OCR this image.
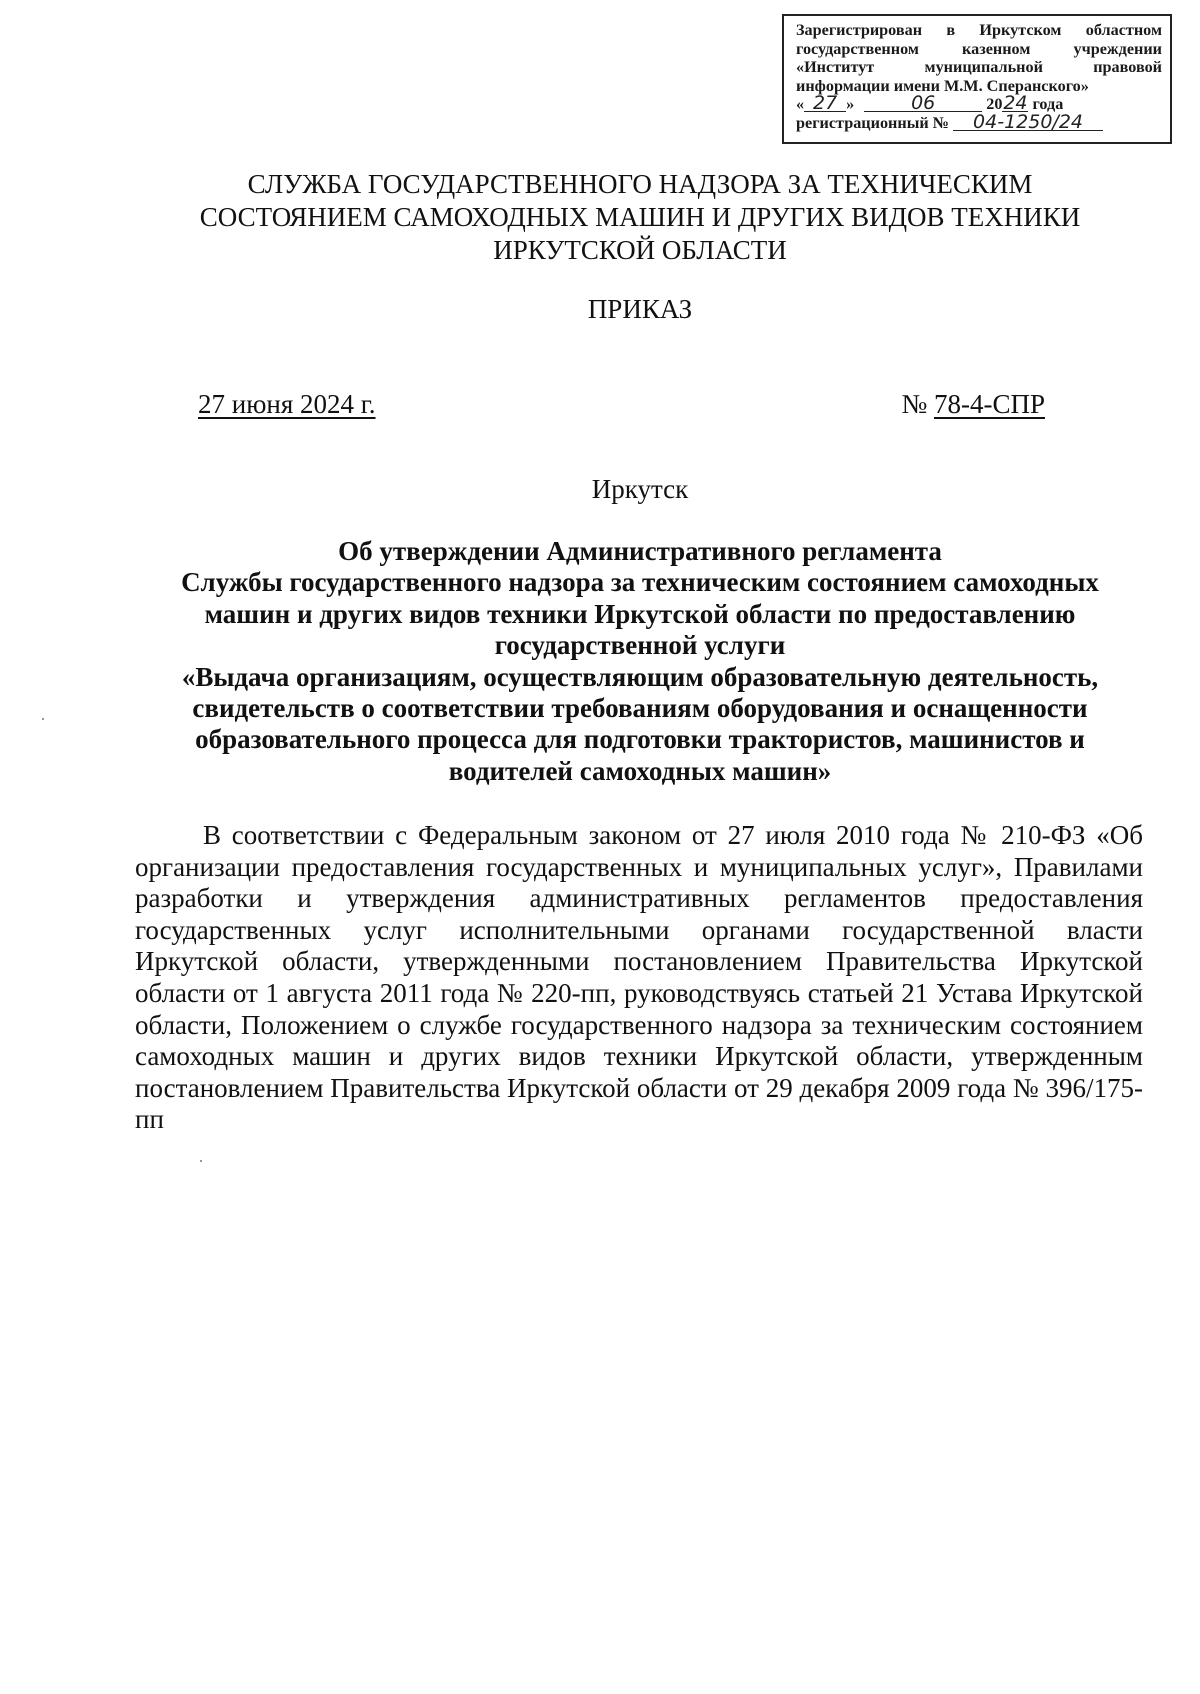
Зарегистрирован в Иркутском областном
государственном казенном учреждении
«Институт муниципальной правовой
информации имени М.М. Сперанского»
« 27 »	06	2024 года
регистрационный № 04-1250/24
СЛУЖБА ГОСУДАРСТВЕННОГО НАДЗОРА ЗА ТЕХНИЧЕСКИМ
СОСТОЯНИЕМ САМОХОДНЫХ МАШИН И ДРУГИХ ВИДОВ ТЕХНИКИ
ИРКУТСКОЙ ОБЛАСТИ
ПРИКАЗ
27 июня 2024 г.	№ 78-4-СПР
Иркутск
Об утверждении Административного регламента
Службы государственного надзора за техническим состоянием самоходных
машин и других видов техники Иркутской области по предоставлению
государственной услуги
«Выдача организациям, осуществляющим образовательную деятельность,
свидетельств о соответствии требованиям оборудования и оснащенности
образовательного процесса для подготовки трактористов, машинистов и
водителей самоходных машин»

В соответствии с Федеральным законом от 27 июля 2010 года № 210-ФЗ «Об организации предоставления государственных и муниципальных услуг», Правилами разработки и утверждения административных регламентов предоставления государственных услуг исполнительными органами государственной власти Иркутской области, утвержденными постановлением Правительства Иркутской области от 1 августа 2011 года № 220-пп, руководствуясь статьей 21 Устава Иркутской области, Положением о службе государственного надзора за техническим состоянием самоходных машин и других видов техники Иркутской области, утвержденным постановлением Правительства Иркутской области от 29 декабря 2009 года № 396/175-пп
